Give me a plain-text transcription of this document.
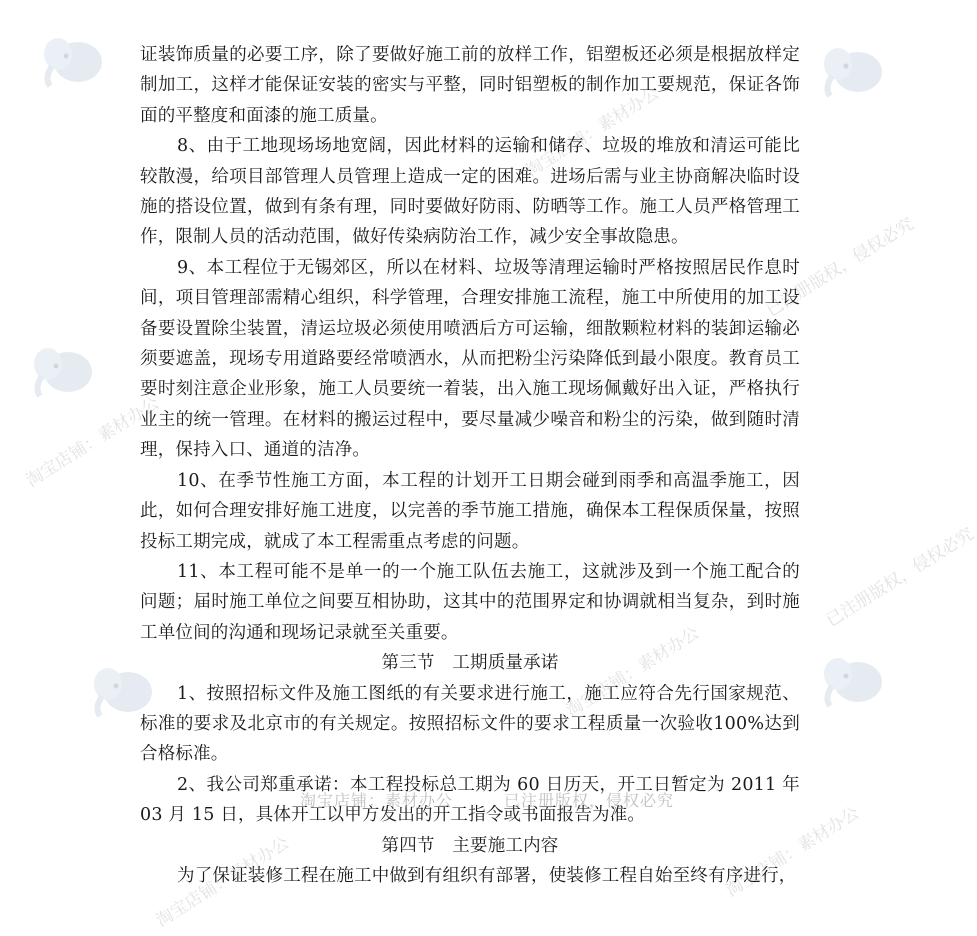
淘宝店铺：素材办公
淘宝店铺：素材办公
已注册版权，侵权必究
淘宝店铺：素材办公
已注册版权，侵权必究
淘宝店铺：素材办公
淘宝店铺：素材办公

证装饰质量的必要工序，除了要做好施工前的放样工作，铝塑板还必须是根据放样定制加工，这样才能保证安装的密实与平整，同时铝塑板的制作加工要规范，保证各饰面的平整度和面漆的施工质量。

8、由于工地现场场地宽阔，因此材料的运输和储存、垃圾的堆放和清运可能比较散漫，给项目部管理人员管理上造成一定的困难。进场后需与业主协商解决临时设施的搭设位置，做到有条有理，同时要做好防雨、防晒等工作。施工人员严格管理工作，限制人员的活动范围，做好传染病防治工作，减少安全事故隐患。

9、本工程位于无锡郊区，所以在材料、垃圾等清理运输时严格按照居民作息时间，项目管理部需精心组织，科学管理，合理安排施工流程，施工中所使用的加工设备要设置除尘装置，清运垃圾必须使用喷洒后方可运输，细散颗粒材料的装卸运输必须要遮盖，现场专用道路要经常喷洒水，从而把粉尘污染降低到最小限度。教育员工要时刻注意企业形象，施工人员要统一着装，出入施工现场佩戴好出入证，严格执行业主的统一管理。在材料的搬运过程中，要尽量减少噪音和粉尘的污染，做到随时清理，保持入口、通道的洁净。

10、在季节性施工方面，本工程的计划开工日期会碰到雨季和高温季施工，因此，如何合理安排好施工进度，以完善的季节施工措施，确保本工程保质保量，按照投标工期完成，就成了本工程需重点考虑的问题。

11、本工程可能不是单一的一个施工队伍去施工，这就涉及到一个施工配合的问题；届时施工单位之间要互相协助，这其中的范围界定和协调就相当复杂，到时施工单位间的沟通和现场记录就至关重要。

第三节　工期质量承诺

1、按照招标文件及施工图纸的有关要求进行施工，施工应符合先行国家规范、标准的要求及北京市的有关规定。按照招标文件的要求工程质量一次验收100%达到合格标准。

2、我公司郑重承诺：本工程投标总工期为 60 日历天，开工日暂定为 2011 年 03 月 15 日，具体开工以甲方发出的开工指令或书面报告为准。

第四节　主要施工内容

为了保证装修工程在施工中做到有组织有部署，使装修工程自始至终有序进行，

淘宝店铺：素材办公　　　已注册版权，侵权必究
